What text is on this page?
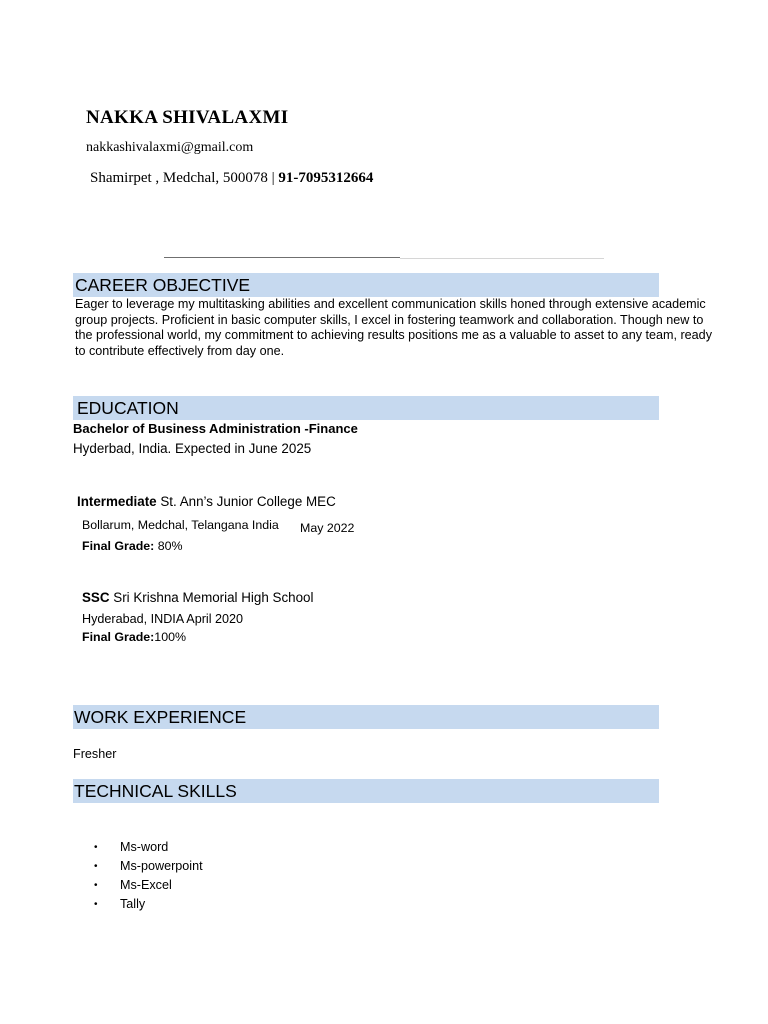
NAKKA SHIVALAXMI
nakkashivalaxmi@gmail.com
Shamirpet , Medchal, 500078 | 91-7095312664
CAREER OBJECTIVE
Eager to leverage my multitasking abilities and excellent communication skills honed through extensive academic group projects. Proficient in basic computer skills, I excel in fostering teamwork and collaboration. Though new to the professional world, my commitment to achieving results positions me as a valuable to asset to any team, ready to contribute effectively from day one.
EDUCATION
Bachelor of Business Administration -Finance
Hyderbad, India. Expected in June 2025
Intermediate St. Ann’s Junior College MEC
Bollarum, Medchal, Telangana India May 2022
Final Grade: 80%
SSC Sri Krishna Memorial High School
Hyderabad, INDIA April 2020
Final Grade:100%
WORK EXPERIENCE
Fresher
TECHNICAL SKILLS
• Ms-word
• Ms-powerpoint
• Ms-Excel
• Tally
